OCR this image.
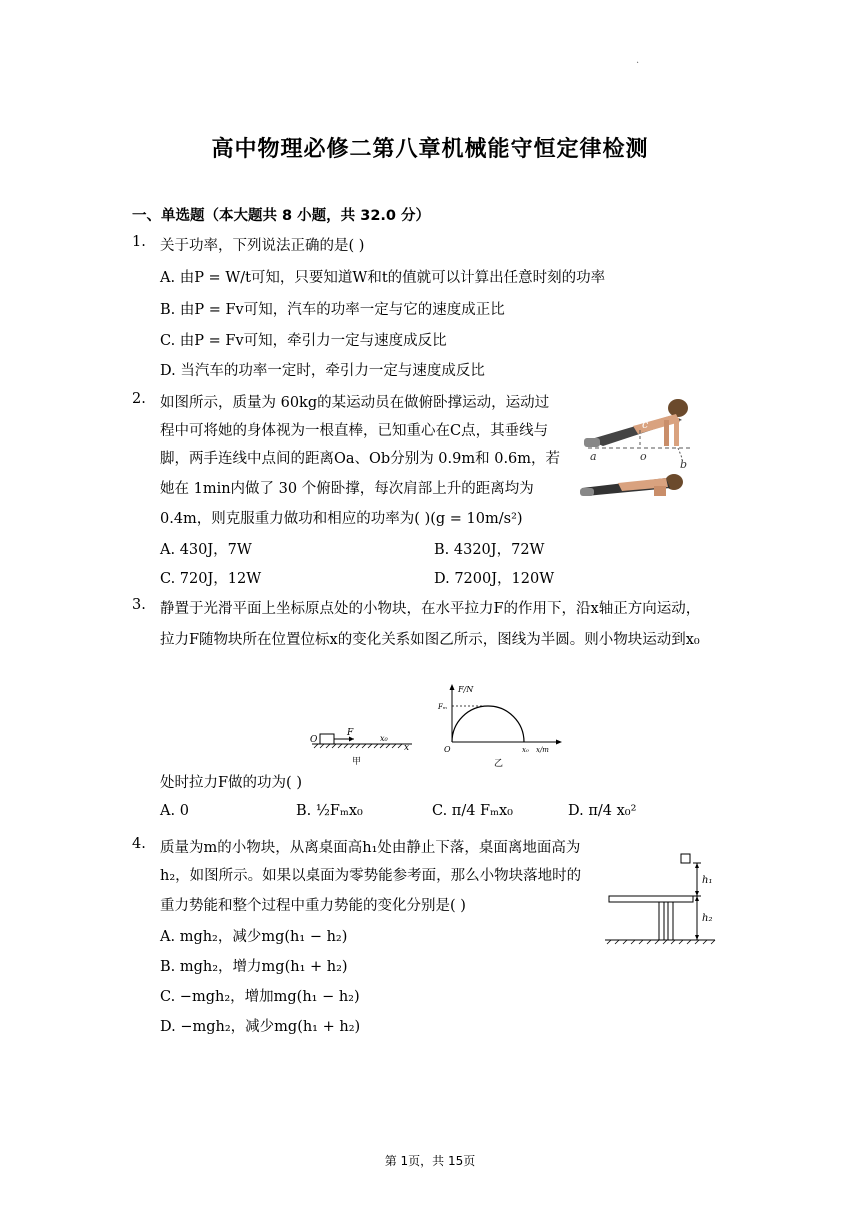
·
高中物理必修二第八章机械能守恒定律检测
一、单选题（本大题共 8 小题，共 32.0 分）
1. 关于功率，下列说法正确的是( )
A. 由P = W/t可知，只要知道W和t的值就可以计算出任意时刻的功率
B. 由P = Fv可知，汽车的功率一定与它的速度成正比
C. 由P = Fv可知，牵引力一定与速度成反比
D. 当汽车的功率一定时，牵引力一定与速度成反比
2. 如图所示，质量为 60kg的某运动员在做俯卧撑运动，运动过
程中可将她的身体视为一根直棒，已知重心在C点，其垂线与
脚，两手连线中点间的距离Oa、Ob分别为 0.9m和 0.6m，若
她在 1min内做了 30 个俯卧撑，每次肩部上升的距离均为
0.4m，则克服重力做功和相应的功率为( )(g = 10m/s²)
A. 430J，7W	B. 4320J，72W
C. 720J，12W	D. 7200J，120W
c
a	o
b
3. 静置于光滑平面上坐标原点处的小物块，在水平拉力F的作用下，沿x轴正方向运动，
拉力F随物块所在位置位标x的变化关系如图乙所示，图线为半圆。则小物块运动到x₀
O
F
x₀
x
甲
F/N
Fₘ
O	x₀ x/m
乙
处时拉力F做的功为( )
A. 0	B. ½Fₘx₀	C. π/4 Fₘx₀	D. π/4 x₀²
4. 质量为m的小物块，从离桌面高h₁处由静止下落，桌面离地面高为
h₂，如图所示。如果以桌面为零势能参考面，那么小物块落地时的
重力势能和整个过程中重力势能的变化分别是( )
A. mgh₂，减少mg(h₁ − h₂)
B. mgh₂，增力mg(h₁ + h₂)
C. −mgh₂，增加mg(h₁ − h₂)
D. −mgh₂，减少mg(h₁ + h₂)
h₁
h₂
第 1页，共 15页
